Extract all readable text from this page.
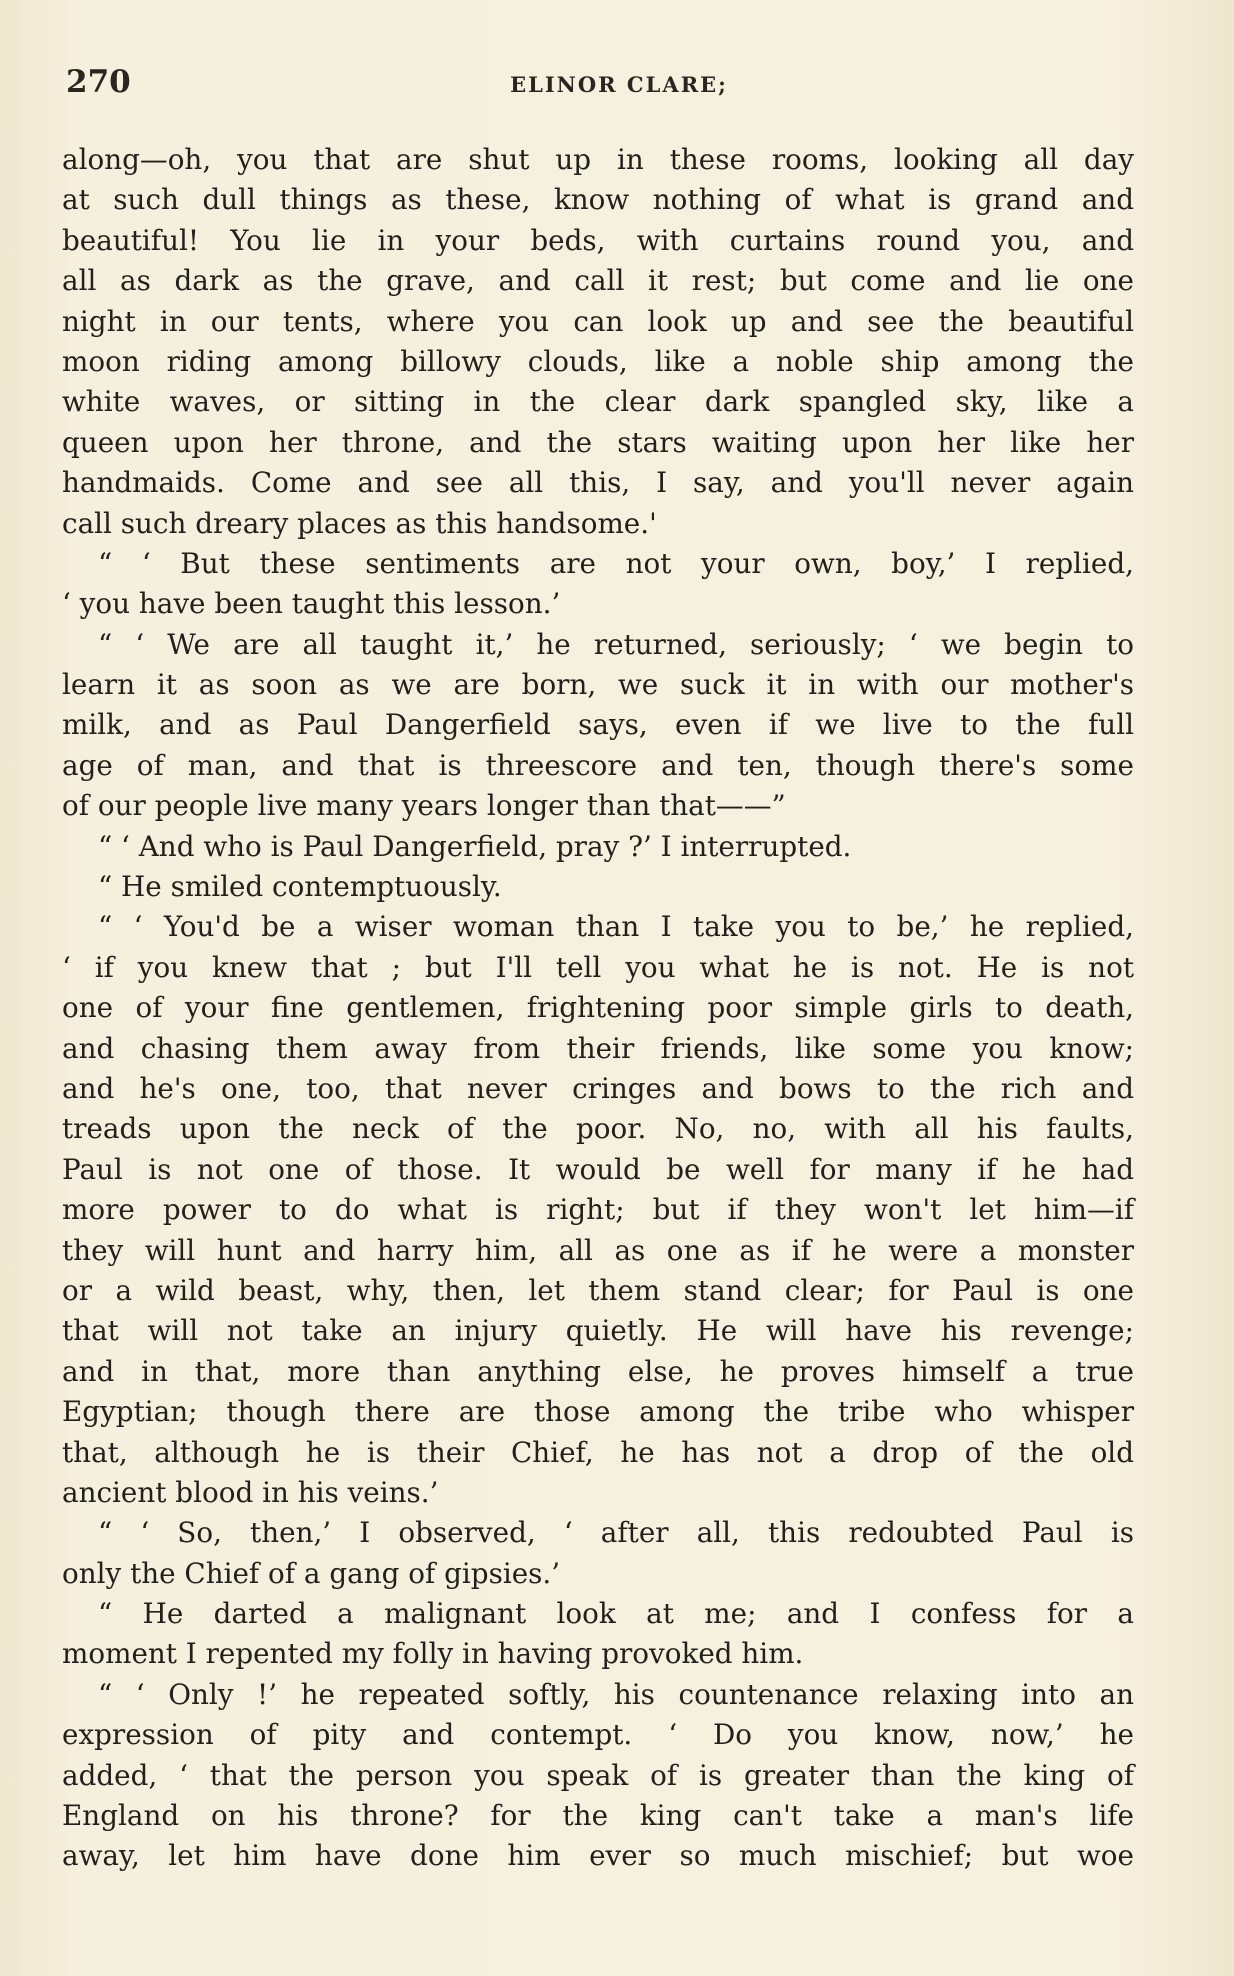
270	ELINOR CLARE;
along—oh, you that are shut up in these rooms, looking all day
at such dull things as these, know nothing of what is grand and
beautiful! You lie in your beds, with curtains round you, and
all as dark as the grave, and call it rest; but come and lie one
night in our tents, where you can look up and see the beautiful
moon riding among billowy clouds, like a noble ship among the
white waves, or sitting in the clear dark spangled sky, like a
queen upon her throne, and the stars waiting upon her like her
handmaids. Come and see all this, I say, and you'll never again
call such dreary places as this handsome.'
“ ‘ But these sentiments are not your own, boy,’ I replied,
‘ you have been taught this lesson.’
“ ‘ We are all taught it,’ he returned, seriously; ‘ we begin to
learn it as soon as we are born, we suck it in with our mother's
milk, and as Paul Dangerfield says, even if we live to the full
age of man, and that is threescore and ten, though there's some
of our people live many years longer than that——”
“ ‘ And who is Paul Dangerfield, pray ?’ I interrupted.
“ He smiled contemptuously.
“ ‘ You'd be a wiser woman than I take you to be,’ he replied,
‘ if you knew that ; but I'll tell you what he is not. He is not
one of your fine gentlemen, frightening poor simple girls to death,
and chasing them away from their friends, like some you know;
and he's one, too, that never cringes and bows to the rich and
treads upon the neck of the poor. No, no, with all his faults,
Paul is not one of those. It would be well for many if he had
more power to do what is right; but if they won't let him—if
they will hunt and harry him, all as one as if he were a monster
or a wild beast, why, then, let them stand clear; for Paul is one
that will not take an injury quietly. He will have his revenge;
and in that, more than anything else, he proves himself a true
Egyptian; though there are those among the tribe who whisper
that, although he is their Chief, he has not a drop of the old
ancient blood in his veins.’
“ ‘ So, then,’ I observed, ‘ after all, this redoubted Paul is
only the Chief of a gang of gipsies.’
“ He darted a malignant look at me; and I confess for a
moment I repented my folly in having provoked him.
“ ‘ Only !’ he repeated softly, his countenance relaxing into an
expression of pity and contempt. ‘ Do you know, now,’ he
added, ‘ that the person you speak of is greater than the king of
England on his throne? for the king can't take a man's life
away, let him have done him ever so much mischief; but woe
